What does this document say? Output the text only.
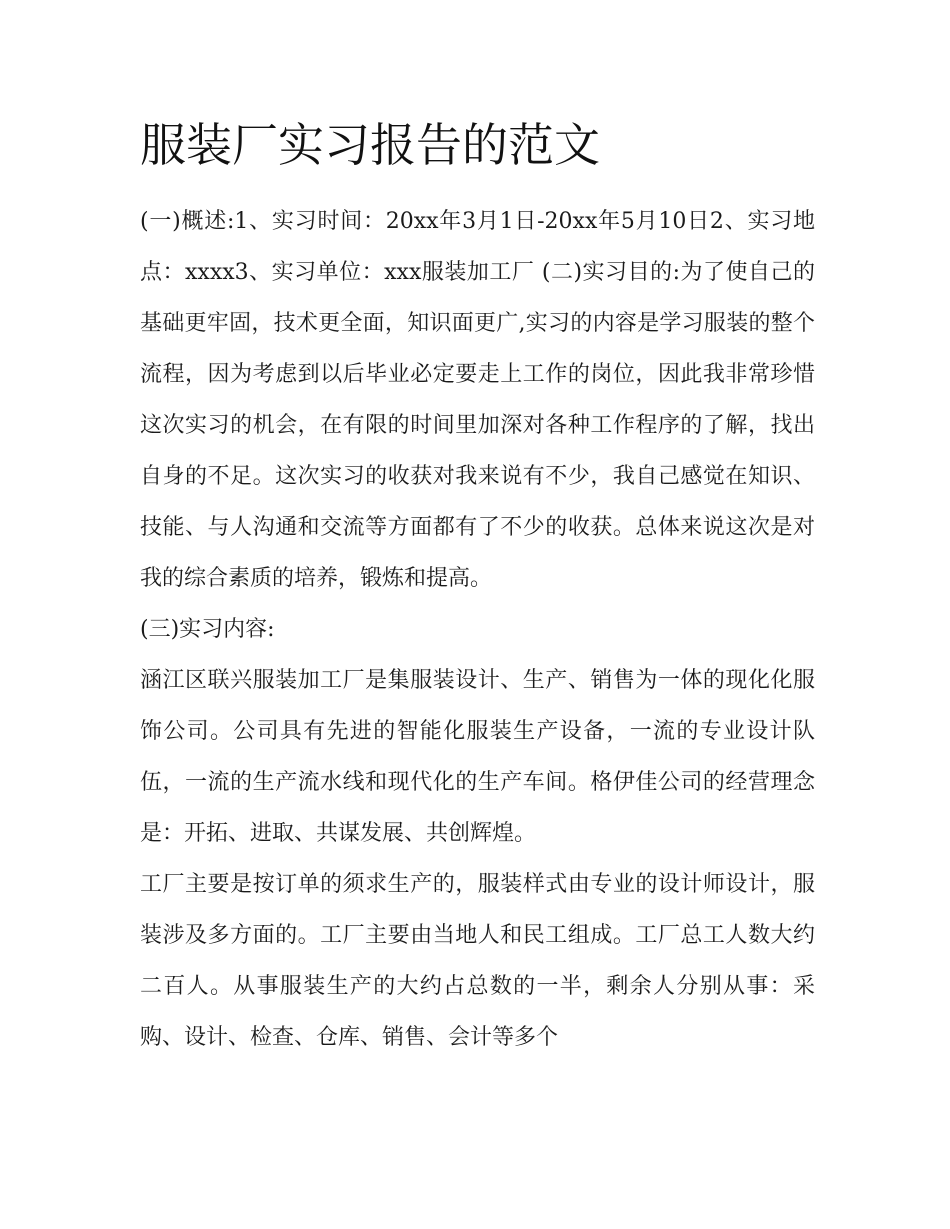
服装厂实习报告的范文

(一)概述:1、实习时间：20xx年3月1日-20xx年5月10日2、实习地点：xxxx3、实习单位：xxx服装加工厂 (二)实习目的:为了使自己的基础更牢固，技术更全面，知识面更广,实习的内容是学习服装的整个流程，因为考虑到以后毕业必定要走上工作的岗位，因此我非常珍惜这次实习的机会，在有限的时间里加深对各种工作程序的了解，找出自身的不足。这次实习的收获对我来说有不少，我自己感觉在知识、技能、与人沟通和交流等方面都有了不少的收获。总体来说这次是对我的综合素质的培养，锻炼和提高。

(三)实习内容:

涵江区联兴服装加工厂是集服装设计、生产、销售为一体的现化化服饰公司。公司具有先进的智能化服装生产设备，一流的专业设计队伍，一流的生产流水线和现代化的生产车间。格伊佳公司的经营理念是：开拓、进取、共谋发展、共创辉煌。

工厂主要是按订单的须求生产的，服装样式由专业的设计师设计，服装涉及多方面的。工厂主要由当地人和民工组成。工厂总工人数大约二百人。从事服装生产的大约占总数的一半，剩余人分别从事：采购、设计、检查、仓库、销售、会计等多个
